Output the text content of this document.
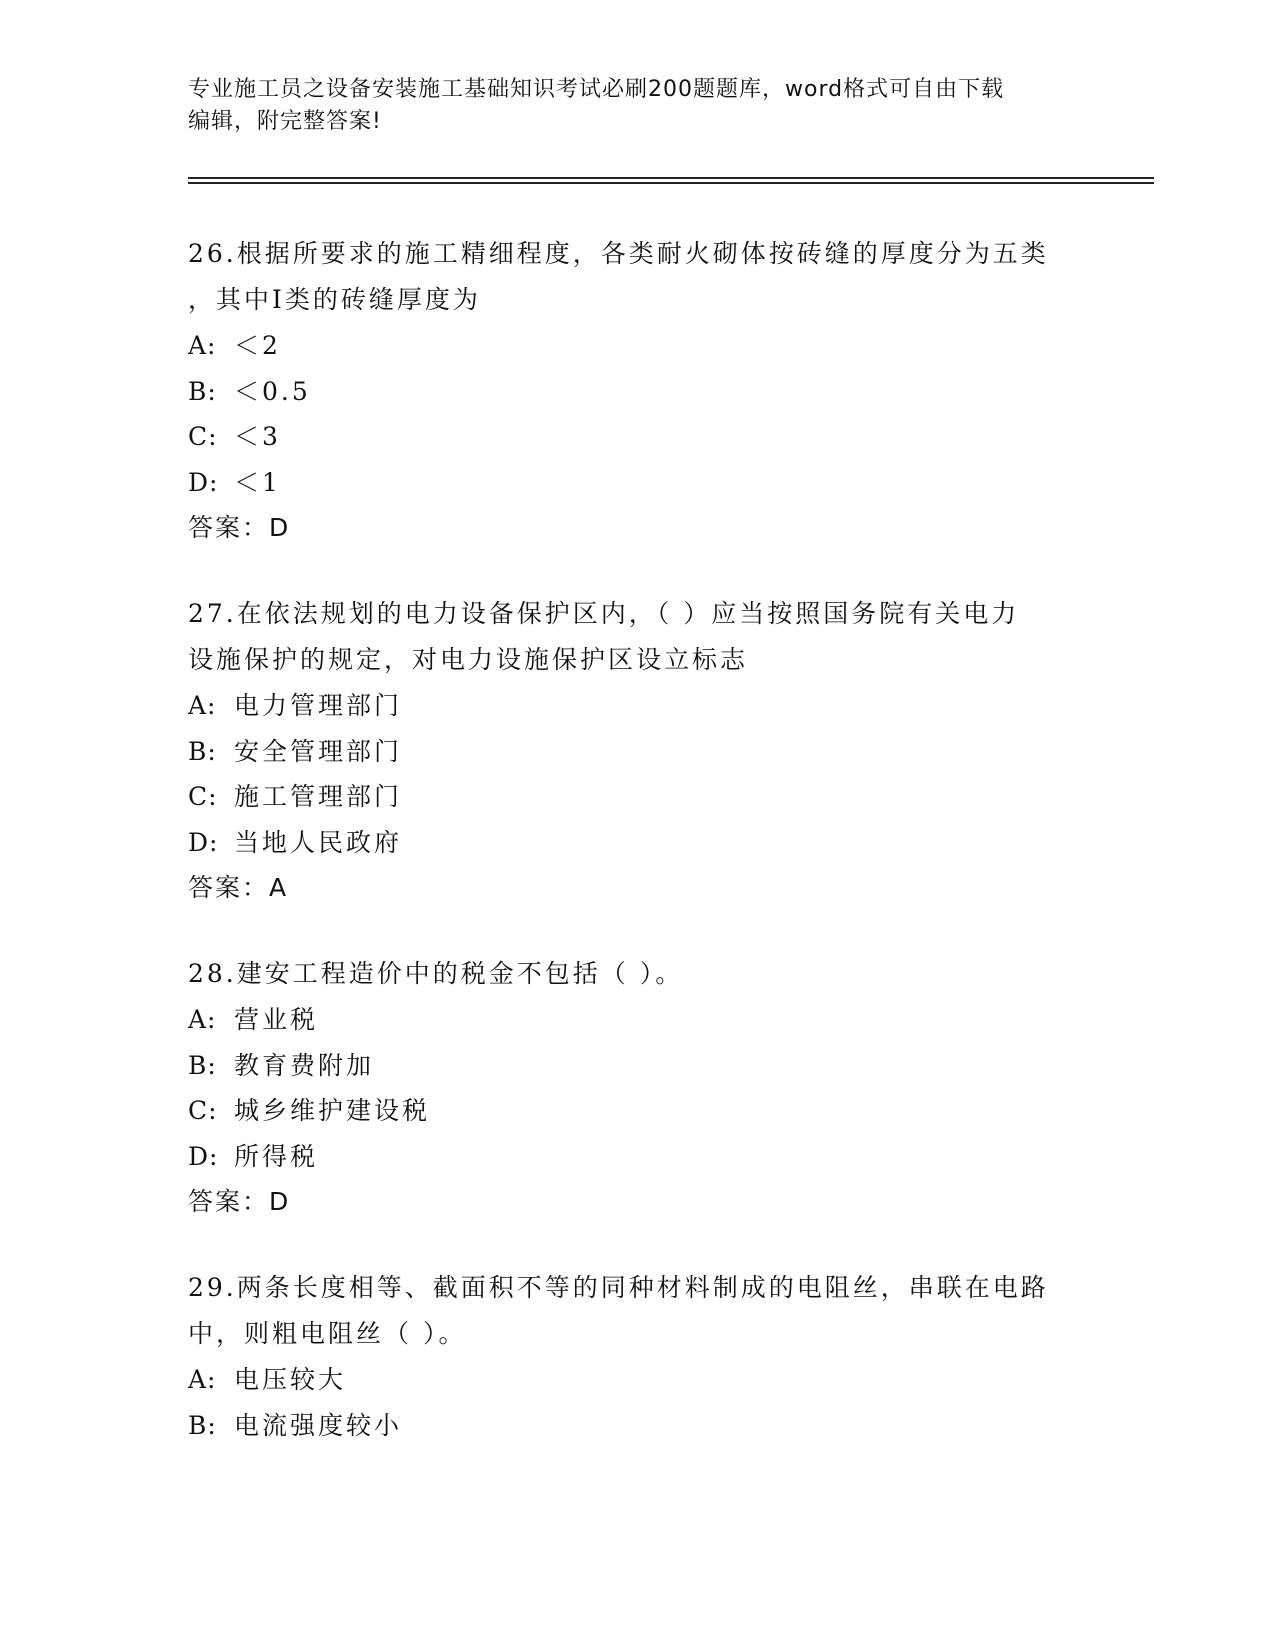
专业施工员之设备安装施工基础知识考试必刷200题题库，word格式可自由下载
编辑，附完整答案!

26.根据所要求的施工精细程度，各类耐火砌体按砖缝的厚度分为五类

，其中I类的砖缝厚度为

A: ＜2

B: ＜0.5

C: ＜3

D: ＜1

答案：D

27.在依法规划的电力设备保护区内，（ ）应当按照国务院有关电力

设施保护的规定，对电力设施保护区设立标志

A: 电力管理部门

B: 安全管理部门

C: 施工管理部门

D: 当地人民政府

答案：A

28.建安工程造价中的税金不包括（ ）。

A: 营业税

B: 教育费附加

C: 城乡维护建设税

D: 所得税

答案：D

29.两条长度相等、截面积不等的同种材料制成的电阻丝，串联在电路

中，则粗电阻丝（ ）。

A: 电压较大

B: 电流强度较小
